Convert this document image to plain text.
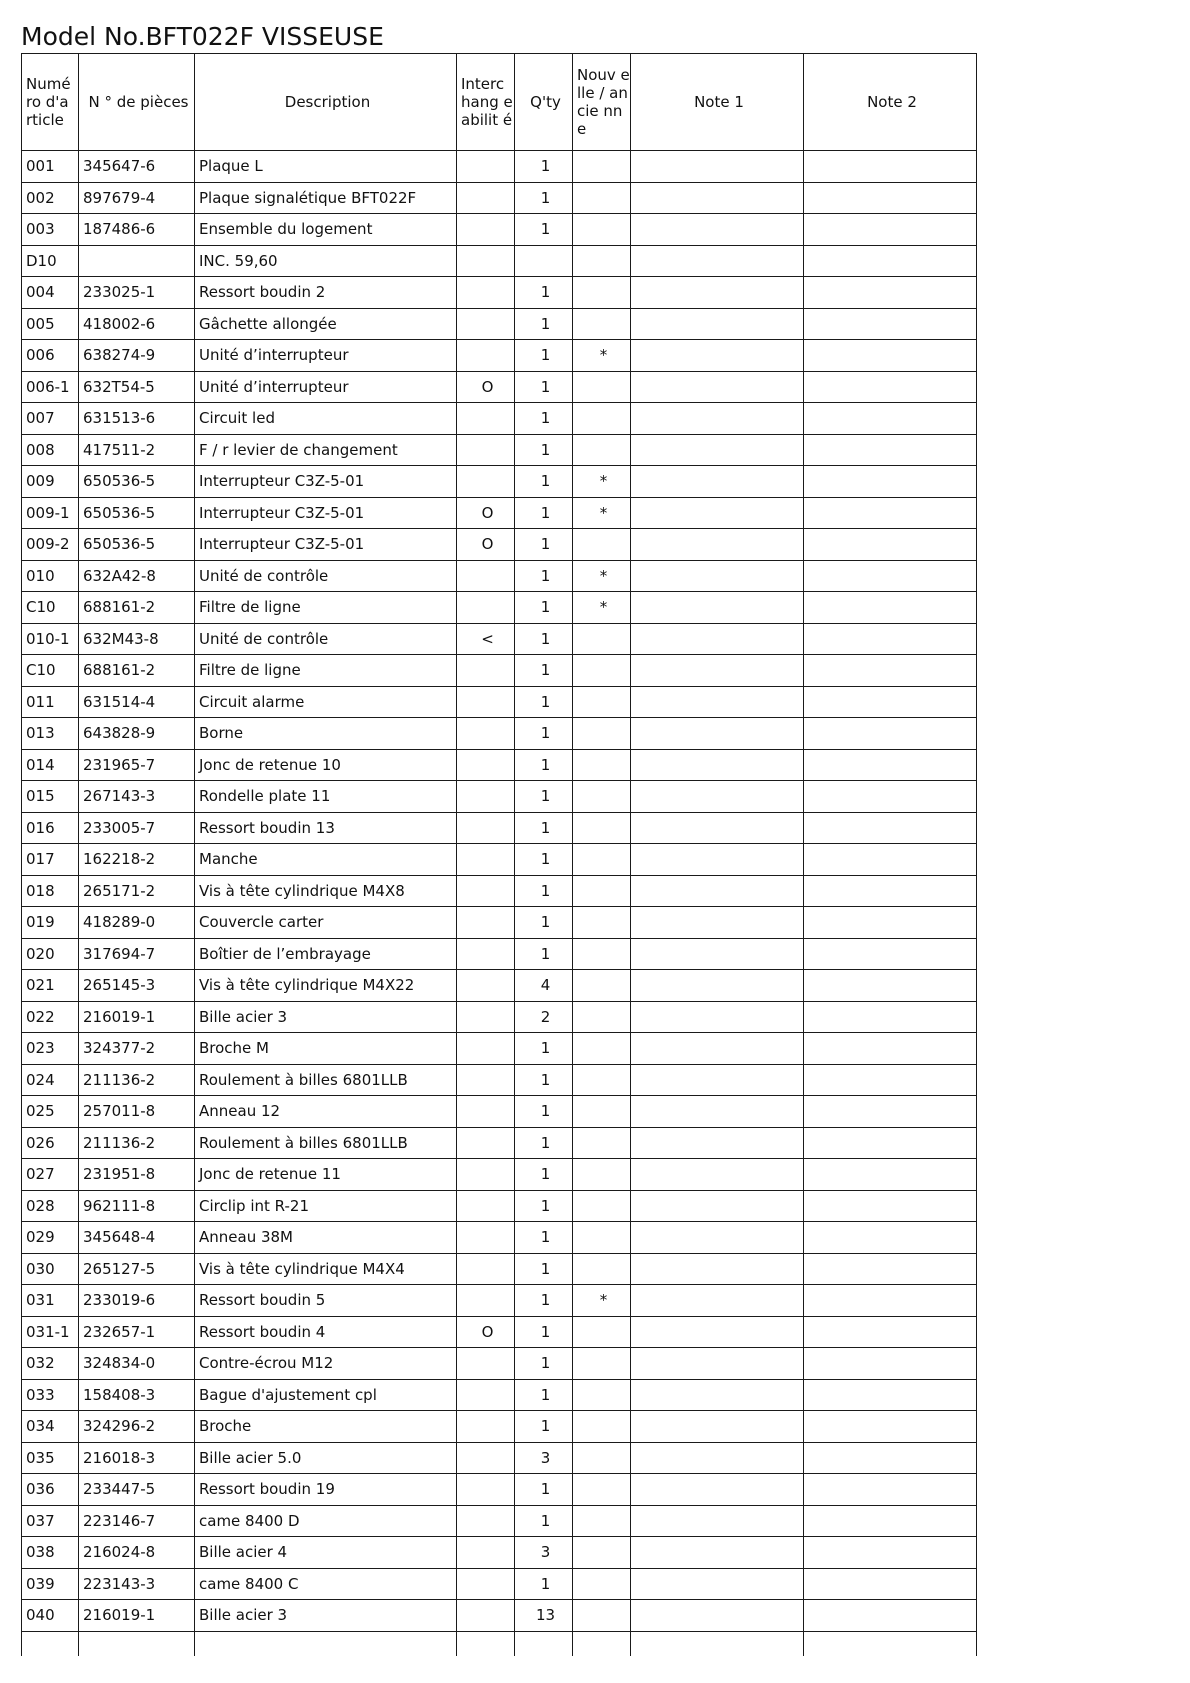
Model No.BFT022F VISSEUSE
Numé ro d'a rticle	N ° de pièces	Description	Interc hang eabilit é	Q'ty	Nouv elle / ancie nne	Note 1	Note 2
001	345647-6	Plaque L		1			
002	897679-4	Plaque signalétique BFT022F		1			
003	187486-6	Ensemble du logement		1			
D10		INC. 59,60					
004	233025-1	Ressort boudin 2		1			
005	418002-6	Gâchette allongée		1			
006	638274-9	Unité d’interrupteur		1	*		
006-1	632T54-5	Unité d’interrupteur	O	1			
007	631513-6	Circuit led		1			
008	417511-2	F / r levier de changement		1			
009	650536-5	Interrupteur C3Z-5-01		1	*		
009-1	650536-5	Interrupteur C3Z-5-01	O	1	*		
009-2	650536-5	Interrupteur C3Z-5-01	O	1			
010	632A42-8	Unité de contrôle		1	*		
C10	688161-2	Filtre de ligne		1	*		
010-1	632M43-8	Unité de contrôle	<	1			
C10	688161-2	Filtre de ligne		1			
011	631514-4	Circuit alarme		1			
013	643828-9	Borne		1			
014	231965-7	Jonc de retenue 10		1			
015	267143-3	Rondelle plate 11		1			
016	233005-7	Ressort boudin 13		1			
017	162218-2	Manche		1			
018	265171-2	Vis à tête cylindrique M4X8		1			
019	418289-0	Couvercle carter		1			
020	317694-7	Boîtier de l’embrayage		1			
021	265145-3	Vis à tête cylindrique M4X22		4			
022	216019-1	Bille acier 3		2			
023	324377-2	Broche M		1			
024	211136-2	Roulement à billes 6801LLB		1			
025	257011-8	Anneau 12		1			
026	211136-2	Roulement à billes 6801LLB		1			
027	231951-8	Jonc de retenue 11		1			
028	962111-8	Circlip int R-21		1			
029	345648-4	Anneau 38M		1			
030	265127-5	Vis à tête cylindrique M4X4		1			
031	233019-6	Ressort boudin 5		1	*		
031-1	232657-1	Ressort boudin 4	O	1			
032	324834-0	Contre-écrou M12		1			
033	158408-3	Bague d'ajustement cpl		1			
034	324296-2	Broche		1			
035	216018-3	Bille acier 5.0		3			
036	233447-5	Ressort boudin 19		1			
037	223146-7	came 8400 D		1			
038	216024-8	Bille acier 4		3			
039	223143-3	came 8400 C		1			
040	216019-1	Bille acier 3		13			
